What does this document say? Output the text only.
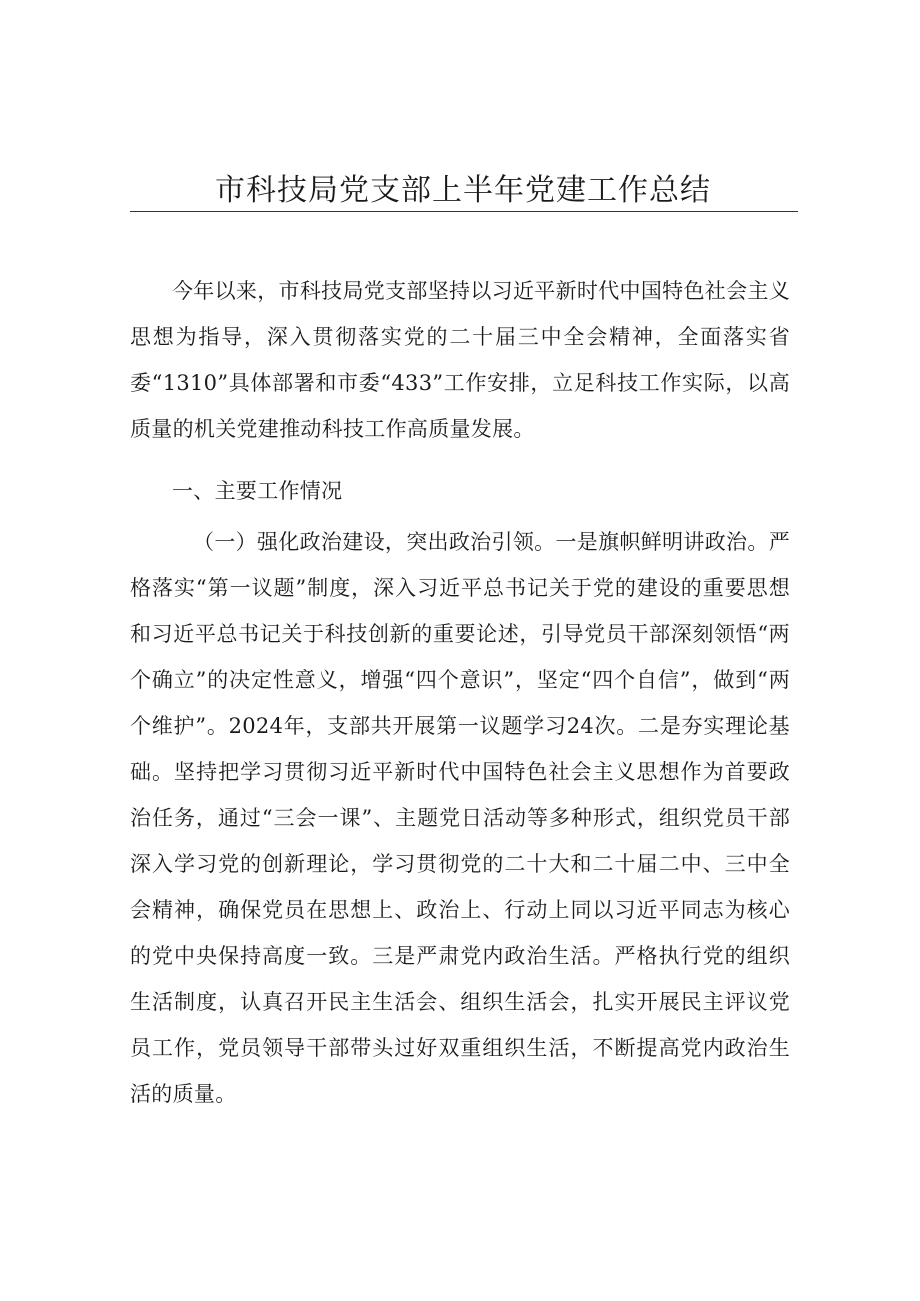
市科技局党支部上半年党建工作总结

今年以来，市科技局党支部坚持以习近平新时代中国特色社会主义思想为指导，深入贯彻落实党的二十届三中全会精神，全面落实省委“1310”具体部署和市委“433”工作安排，立足科技工作实际，以高质量的机关党建推动科技工作高质量发展。

一、主要工作情况

（一）强化政治建设，突出政治引领。一是旗帜鲜明讲政治。严格落实“第一议题”制度，深入习近平总书记关于党的建设的重要思想和习近平总书记关于科技创新的重要论述，引导党员干部深刻领悟“两个确立”的决定性意义，增强“四个意识”，坚定“四个自信”，做到“两个维护”。2024年，支部共开展第一议题学习24次。二是夯实理论基础。坚持把学习贯彻习近平新时代中国特色社会主义思想作为首要政治任务，通过“三会一课”、主题党日活动等多种形式，组织党员干部深入学习党的创新理论，学习贯彻党的二十大和二十届二中、三中全会精神，确保党员在思想上、政治上、行动上同以习近平同志为核心的党中央保持高度一致。三是严肃党内政治生活。严格执行党的组织生活制度，认真召开民主生活会、组织生活会，扎实开展民主评议党员工作，党员领导干部带头过好双重组织生活，不断提高党内政治生活的质量。
